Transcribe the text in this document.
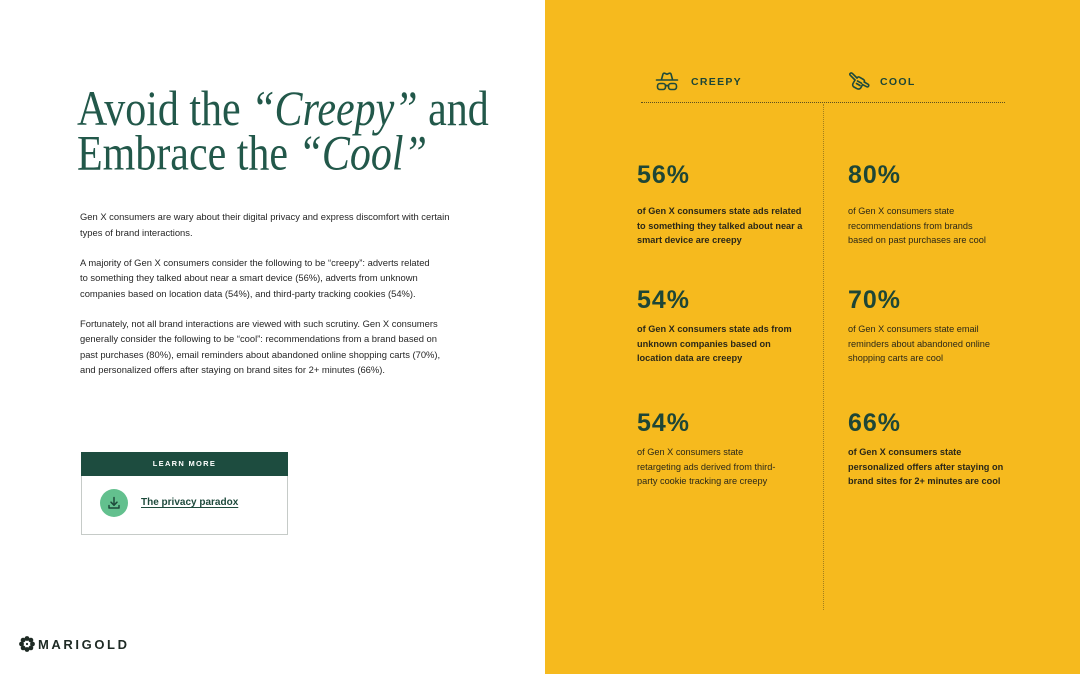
Avoid the “Creepy” and
Embrace the “Cool”

Gen X consumers are wary about their digital privacy and express discomfort with certain
types of brand interactions.

A majority of Gen X consumers consider the following to be “creepy”: adverts related
to something they talked about near a smart device (56%), adverts from unknown
companies based on location data (54%), and third-party tracking cookies (54%).

Fortunately, not all brand interactions are viewed with such scrutiny. Gen X consumers
generally consider the following to be “cool”: recommendations from a brand based on
past purchases (80%), email reminders about abandoned online shopping carts (70%),
and personalized offers after staying on brand sites for 2+ minutes (66%).

LEARN MORE
The privacy paradox
MARIGOLD
CREEPY	COOL
56%
of Gen X consumers state ads related
to something they talked about near a
smart device are creepy
54%
of Gen X consumers state ads from
unknown companies based on
location data are creepy
54%
of Gen X consumers state
retargeting ads derived from third-
party cookie tracking are creepy
80%
of Gen X consumers state
recommendations from brands
based on past purchases are cool
70%
of Gen X consumers state email
reminders about abandoned online
shopping carts are cool
66%
of Gen X consumers state
personalized offers after staying on
brand sites for 2+ minutes are cool
